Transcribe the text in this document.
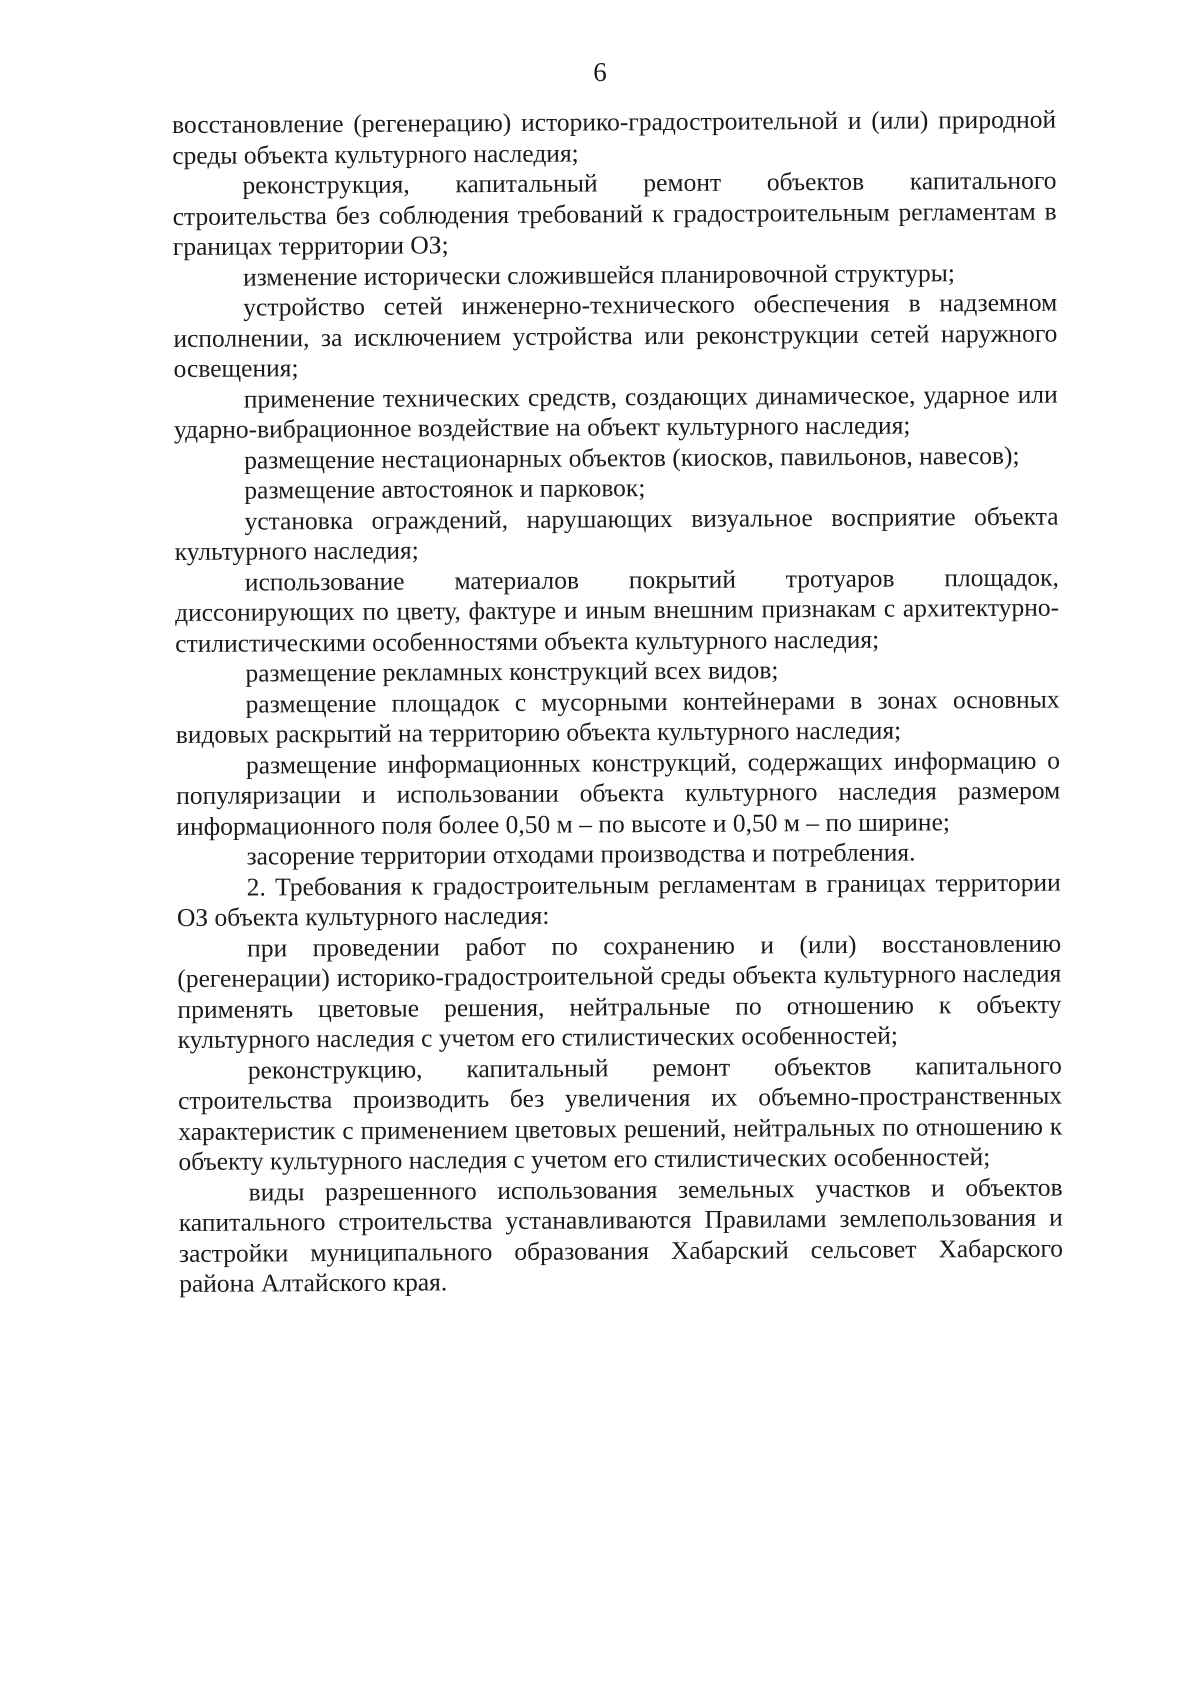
6

восстановление (регенерацию) историко-градостроительной и (или) природной среды объекта культурного наследия;

реконструкция, капитальный ремонт объектов капитального строительства без соблюдения требований к градостроительным регламентам в границах территории ОЗ;

изменение исторически сложившейся планировочной структуры;

устройство сетей инженерно-технического обеспечения в надземном исполнении, за исключением устройства или реконструкции сетей наружного освещения;

применение технических средств, создающих динамическое, ударное или ударно-вибрационное воздействие на объект культурного наследия;

размещение нестационарных объектов (киосков, павильонов, навесов);

размещение автостоянок и парковок;

установка ограждений, нарушающих визуальное восприятие объекта культурного наследия;

использование материалов покрытий тротуаров площадок, диссонирующих по цвету, фактуре и иным внешним признакам с архитектурно-стилистическими особенностями объекта культурного наследия;

размещение рекламных конструкций всех видов;

размещение площадок с мусорными контейнерами в зонах основных видовых раскрытий на территорию объекта культурного наследия;

размещение информационных конструкций, содержащих информацию о популяризации и использовании объекта культурного наследия размером информационного поля более 0,50 м – по высоте и 0,50 м – по ширине;

засорение территории отходами производства и потребления.

2. Требования к градостроительным регламентам в границах территории ОЗ объекта культурного наследия:

при проведении работ по сохранению и (или) восстановлению (регенерации) историко-градостроительной среды объекта культурного наследия применять цветовые решения, нейтральные по отношению к объекту культурного наследия с учетом его стилистических особенностей;

реконструкцию, капитальный ремонт объектов капитального строительства производить без увеличения их объемно-пространственных характеристик с применением цветовых решений, нейтральных по отношению к объекту культурного наследия с учетом его стилистических особенностей;

виды разрешенного использования земельных участков и объектов капитального строительства устанавливаются Правилами землепользования и застройки муниципального образования Хабарский сельсовет Хабарского района Алтайского края.
